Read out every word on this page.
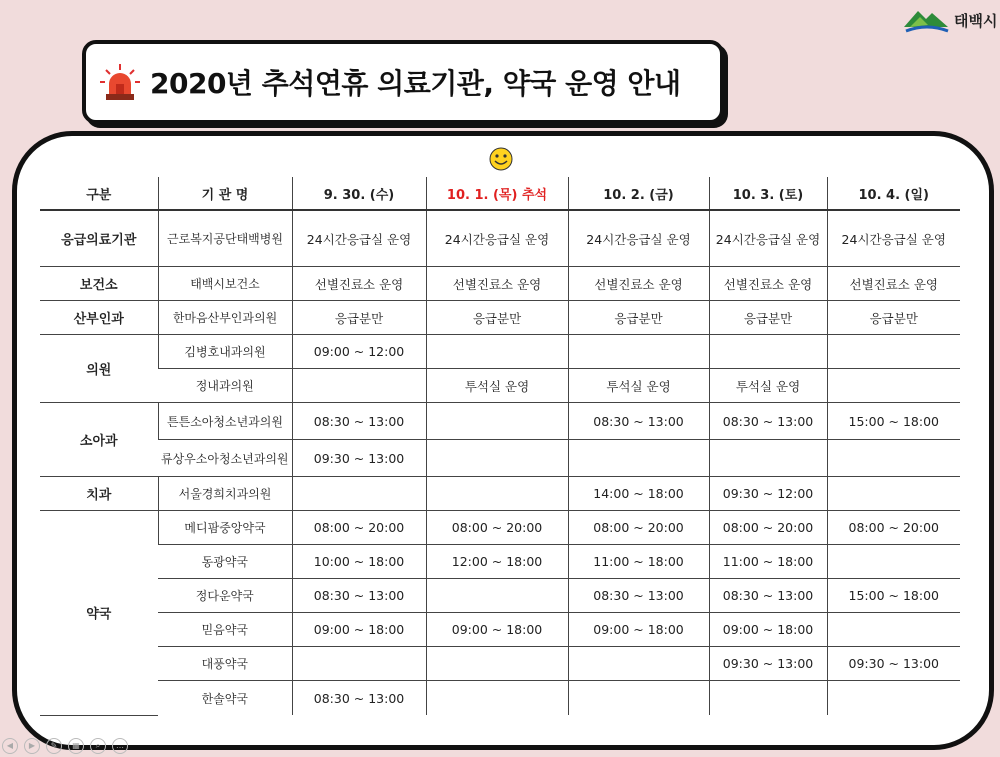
태백시
2020년 추석연휴 의료기관, 약국 운영 안내
구분	기 관 명	9. 30. (수)	10. 1. (목) 추석	10. 2. (금)	10. 3. (토)	10. 4. (일)
응급의료기관	근로복지공단태백병원	24시간응급실 운영	24시간응급실 운영	24시간응급실 운영	24시간응급실 운영	24시간응급실 운영
보건소	태백시보건소	선별진료소 운영	선별진료소 운영	선별진료소 운영	선별진료소 운영	선별진료소 운영
산부인과	한마음산부인과의원	응급분만	응급분만	응급분만	응급분만	응급분만
의원	김병호내과의원	09:00 ~ 12:00				
	정내과의원		투석실 운영	투석실 운영	투석실 운영	
소아과	튼튼소아청소년과의원	08:30 ~ 13:00		08:30 ~ 13:00	08:30 ~ 13:00	15:00 ~ 18:00
	류상우소아청소년과의원	09:30 ~ 13:00				
치과	서울경희치과의원			14:00 ~ 18:00	09:30 ~ 12:00	
약국	메디팜중앙약국	08:00 ~ 20:00	08:00 ~ 20:00	08:00 ~ 20:00	08:00 ~ 20:00	08:00 ~ 20:00
	동광약국	10:00 ~ 18:00	12:00 ~ 18:00	11:00 ~ 18:00	11:00 ~ 18:00	
	정다운약국	08:30 ~ 13:00		08:30 ~ 13:00	08:30 ~ 13:00	15:00 ~ 18:00
	믿음약국	09:00 ~ 18:00	09:00 ~ 18:00	09:00 ~ 18:00	09:00 ~ 18:00	
	대풍약국				09:30 ~ 13:00	09:30 ~ 13:00
	한솔약국	08:30 ~ 13:00				
◀	▶	✎	▦	⌕	…
